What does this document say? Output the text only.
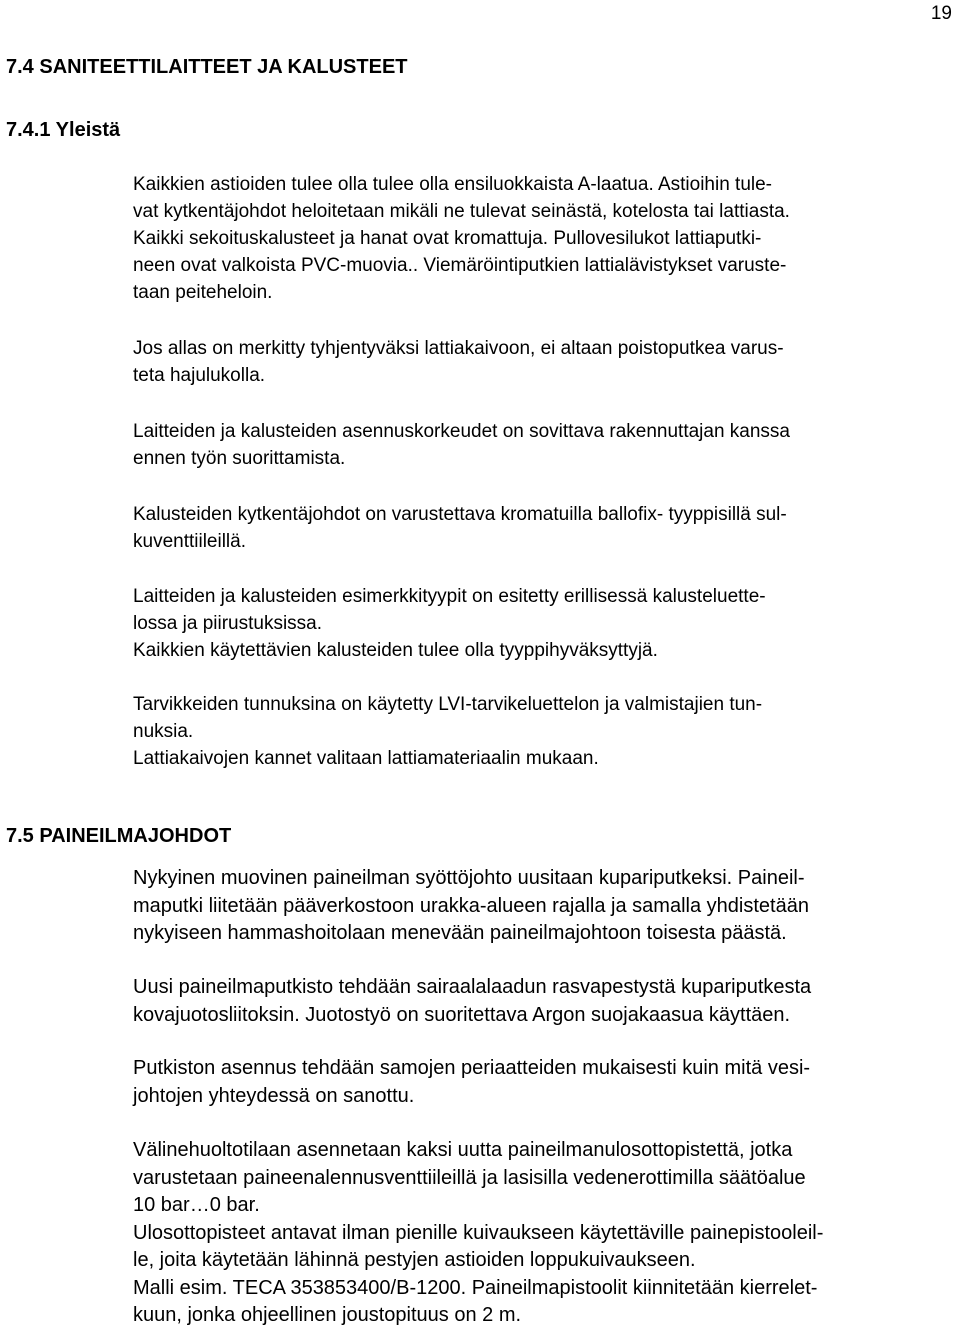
19
7.4 SANITEETTILAITTEET JA KALUSTEET
7.4.1 Yleistä
Kaikkien astioiden tulee olla tulee olla ensiluokkaista A-laatua. Astioihin tule-
vat kytkentäjohdot heloitetaan mikäli ne tulevat seinästä, kotelosta tai lattiasta.
Kaikki sekoituskalusteet ja hanat ovat kromattuja. Pullovesilukot lattiaputki-
neen ovat valkoista PVC-muovia.. Viemäröintiputkien lattialävistykset varuste-
taan peiteheloin.
Jos allas on merkitty tyhjentyväksi lattiakaivoon, ei altaan poistoputkea varus-
teta hajulukolla.
Laitteiden ja kalusteiden asennuskorkeudet on sovittava rakennuttajan kanssa
ennen työn suorittamista.
Kalusteiden kytkentäjohdot on varustettava kromatuilla ballofix- tyyppisillä sul-
kuventtiileillä.
Laitteiden ja kalusteiden esimerkkityypit on esitetty erillisessä kalusteluette-
lossa ja piirustuksissa.
Kaikkien käytettävien kalusteiden tulee olla tyyppihyväksyttyjä.
Tarvikkeiden tunnuksina on käytetty LVI-tarvikeluettelon ja valmistajien tun-
nuksia.
Lattiakaivojen kannet valitaan lattiamateriaalin mukaan.
7.5 PAINEILMAJOHDOT
Nykyinen muovinen paineilman syöttöjohto uusitaan kupariputkeksi. Paineil-
maputki liitetään pääverkostoon urakka-alueen rajalla ja samalla yhdistetään
nykyiseen hammashoitolaan menevään paineilmajohtoon toisesta päästä.
Uusi paineilmaputkisto tehdään sairaalalaadun rasvapestystä kupariputkesta
kovajuotosliitoksin. Juotostyö on suoritettava Argon suojakaasua käyttäen.
Putkiston asennus tehdään samojen periaatteiden mukaisesti kuin mitä vesi-
johtojen yhteydessä on sanottu.
Välinehuoltotilaan asennetaan kaksi uutta paineilmanulosottopistettä, jotka
varustetaan paineenalennusventtiileillä ja lasisilla vedenerottimilla säätöalue
10 bar…0 bar.
Ulosottopisteet antavat ilman pienille kuivaukseen käytettäville painepistooleil-
le, joita käytetään lähinnä pestyjen astioiden loppukuivaukseen.
Malli esim. TECA 353853400/B-1200. Paineilmapistoolit kiinnitetään kierrelet-
kuun, jonka ohjeellinen joustopituus on 2 m.
